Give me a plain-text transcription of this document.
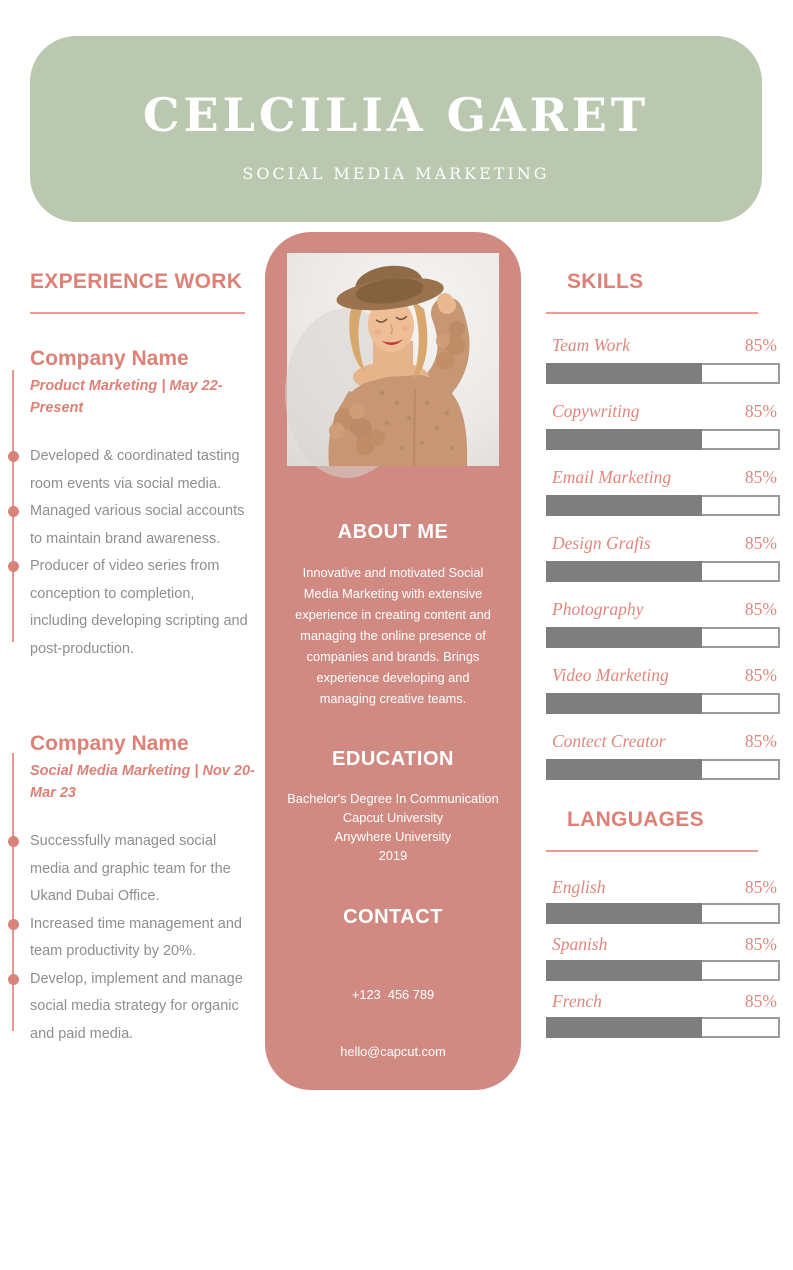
CELCILIA GARET
SOCIAL MEDIA MARKETING
EXPERIENCE WORK
Company Name
Product Marketing | May 22-Present
Developed & coordinated tasting room events via social media.
Managed various social accounts to maintain brand awareness.
Producer of video series from conception to completion, including developing scripting and post-production.
Company Name
Social Media Marketing | Nov 20-Mar 23
Successfully managed social media and graphic team for the Ukand Dubai Office.
Increased time management and team productivity by 20%.
Develop, implement and manage social media strategy for organic and paid media.
ABOUT ME

Innovative and motivated Social Media Marketing with extensive experience in creating content and managing the online presence of companies and brands. Brings experience developing and managing creative teams.

EDUCATION
Bachelor's Degree In Communication
Capcut University
Anywhere University
2019
CONTACT

+123  456 789

hello@capcut.com

@capcut

123 Anywhere St.,

Anywhere City, ST 1234

SKILLS
Team Work	85%
Copywriting	85%
Email Marketing	85%
Design Grafis	85%
Photography	85%
Video Marketing	85%
Contect Creator	85%
LANGUAGES
English	85%
Spanish	85%
French	85%
